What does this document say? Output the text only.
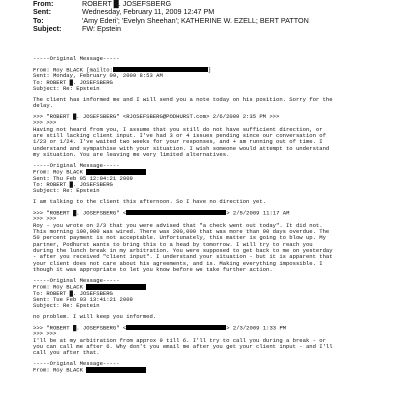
From:	ROBERT █. JOSEFSBERG
Sent:	Wednesday, February 11, 2009 12:47 PM
To:	'Amy Ederi'; 'Evelyn Sheehan'; KATHERINE W. EZELL; BERT PATTON
Subject:	FW: Epstein
-----Original Message-----
From: Roy BLACK [mailto:	]
Sent: Monday, February 09, 2009 8:53 AM
To: ROBERT █. JOSEFSBERG
Subject: Re: Epstein
The client has informed me and I will send you a note today on his position. Sorry for the
delay.
>>> "ROBERT █. JOSEFSBERG" <RJOSEFSBERG@PODHURST.com> 2/6/2009 2:35 PM >>>
>>> >>>
Having not heard from you, I assume that you still do not have sufficient direction, or
are still lacking client input. I've had 3 or 4 issues pending since our conversation of
1/23 or 1/24. I've waited two weeks for your responses, and + am running out of time. I
understand and sympathise with your situation. I wish someone would attempt to understand
my situation. You are leaving me very limited alternatives.
-----Original Message-----
From: Roy BLACK
Sent: Thu Feb 05 12:04:21 2009
To: ROBERT █. JOSEFSBERG
Subject: Re: Epstein
I am talking to the client this afternoon. So I have no direction yet.
>>> "ROBERT █. JOSEFSBERG" <	> 2/5/2009 11:17 AM
>>> >>>
Roy - you wrote on 2/3 that you were advised that "a check went out today". It did not.
This morning 100,000 was wired. There was 200,000 that was more than 90 days overdue. The
50 percent payment is not acceptable. Unfortunately, this matter is going to blow up. My
partner, Podhurst wants to bring this to a head by tomorrow. I will try to reach you
during the lunch break in my arbitration. You were supposed to get back to me on yesterday
- after you received "client input". I understand your situation - but it is apparent that
your client does not care about his agreements, and is. Making everything impossible. I
though it was appropriate to let you know before we take further action.
-----Original Message-----
From: Roy BLACK
To: ROBERT █. JOSEFSBERG
Sent: Tue Feb 03 13:41:21 2009
Subject: Re: Epstein
no problem. I will keep you informed.
>>> "ROBERT █. JOSEFSBERG" <	> 2/3/2009 1:33 PM
>>> >>>
I'll be at my arbitration from approx 9 till 6. I'll try to call you during a break - or
you can call me after 6. Why don't you email me after you get your client input - and I'll
call you after that.
-----Original Message-----
From: Roy BLACK
